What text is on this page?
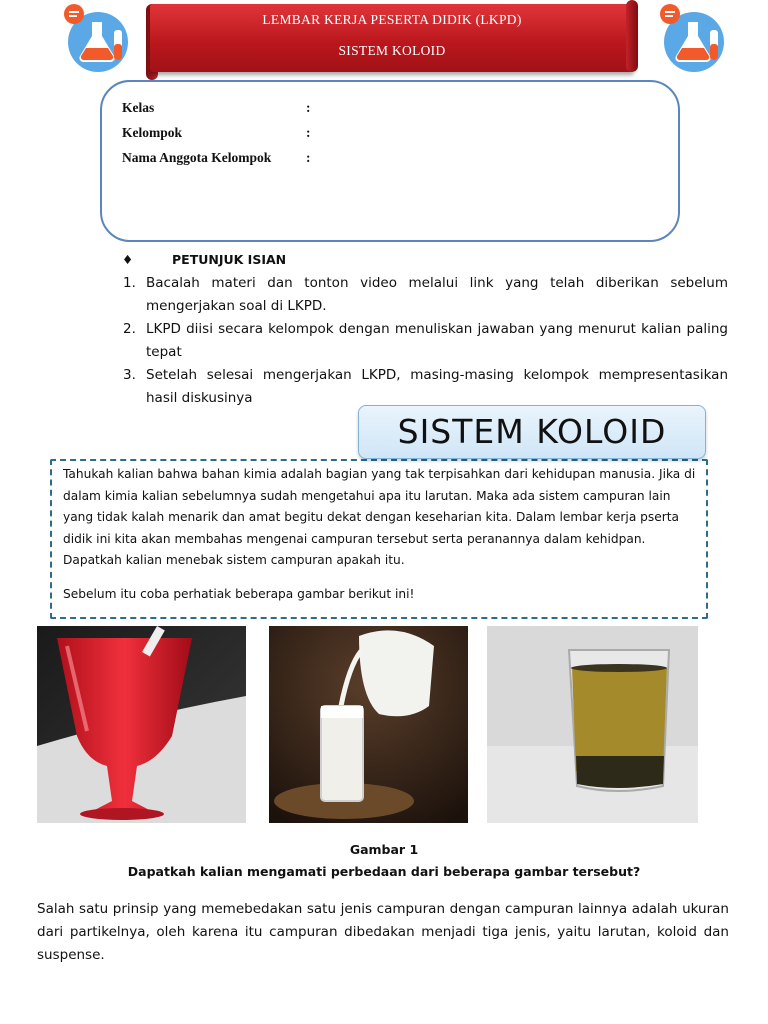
LEMBAR KERJA PESERTA DIDIK (LKPD)
SISTEM KOLOID
Kelas	:
Kelompok	:
Nama Anggota Kelompok	:
♦	PETUNJUK ISIAN
1. Bacalah materi dan tonton video melalui link yang telah diberikan sebelum mengerjakan soal di LKPD.
2. LKPD diisi secara kelompok dengan menuliskan jawaban yang menurut kalian paling tepat
3. Setelah selesai mengerjakan LKPD, masing-masing kelompok mempresentasikan hasil diskusinya

Tahukah kalian bahwa bahan kimia adalah bagian yang tak terpisahkan dari kehidupan manusia. Jika di dalam kimia kalian sebelumnya sudah mengetahui apa itu larutan. Maka ada sistem campuran lain yang tidak kalah menarik dan amat begitu dekat dengan keseharian kita. Dalam lembar kerja pserta didik ini kita akan membahas mengenai campuran tersebut serta peranannya dalam kehidpan. Dapatkah kalian menebak sistem campuran apakah itu.

Sebelum itu coba perhatiak beberapa gambar berikut ini!

SISTEM KOLOID
Gambar 1
Dapatkah kalian mengamati perbedaan dari beberapa gambar tersebut?
Salah satu prinsip yang memebedakan satu jenis campuran dengan campuran lainnya adalah ukuran dari partikelnya, oleh karena itu campuran dibedakan menjadi tiga jenis, yaitu larutan, koloid dan suspense.
